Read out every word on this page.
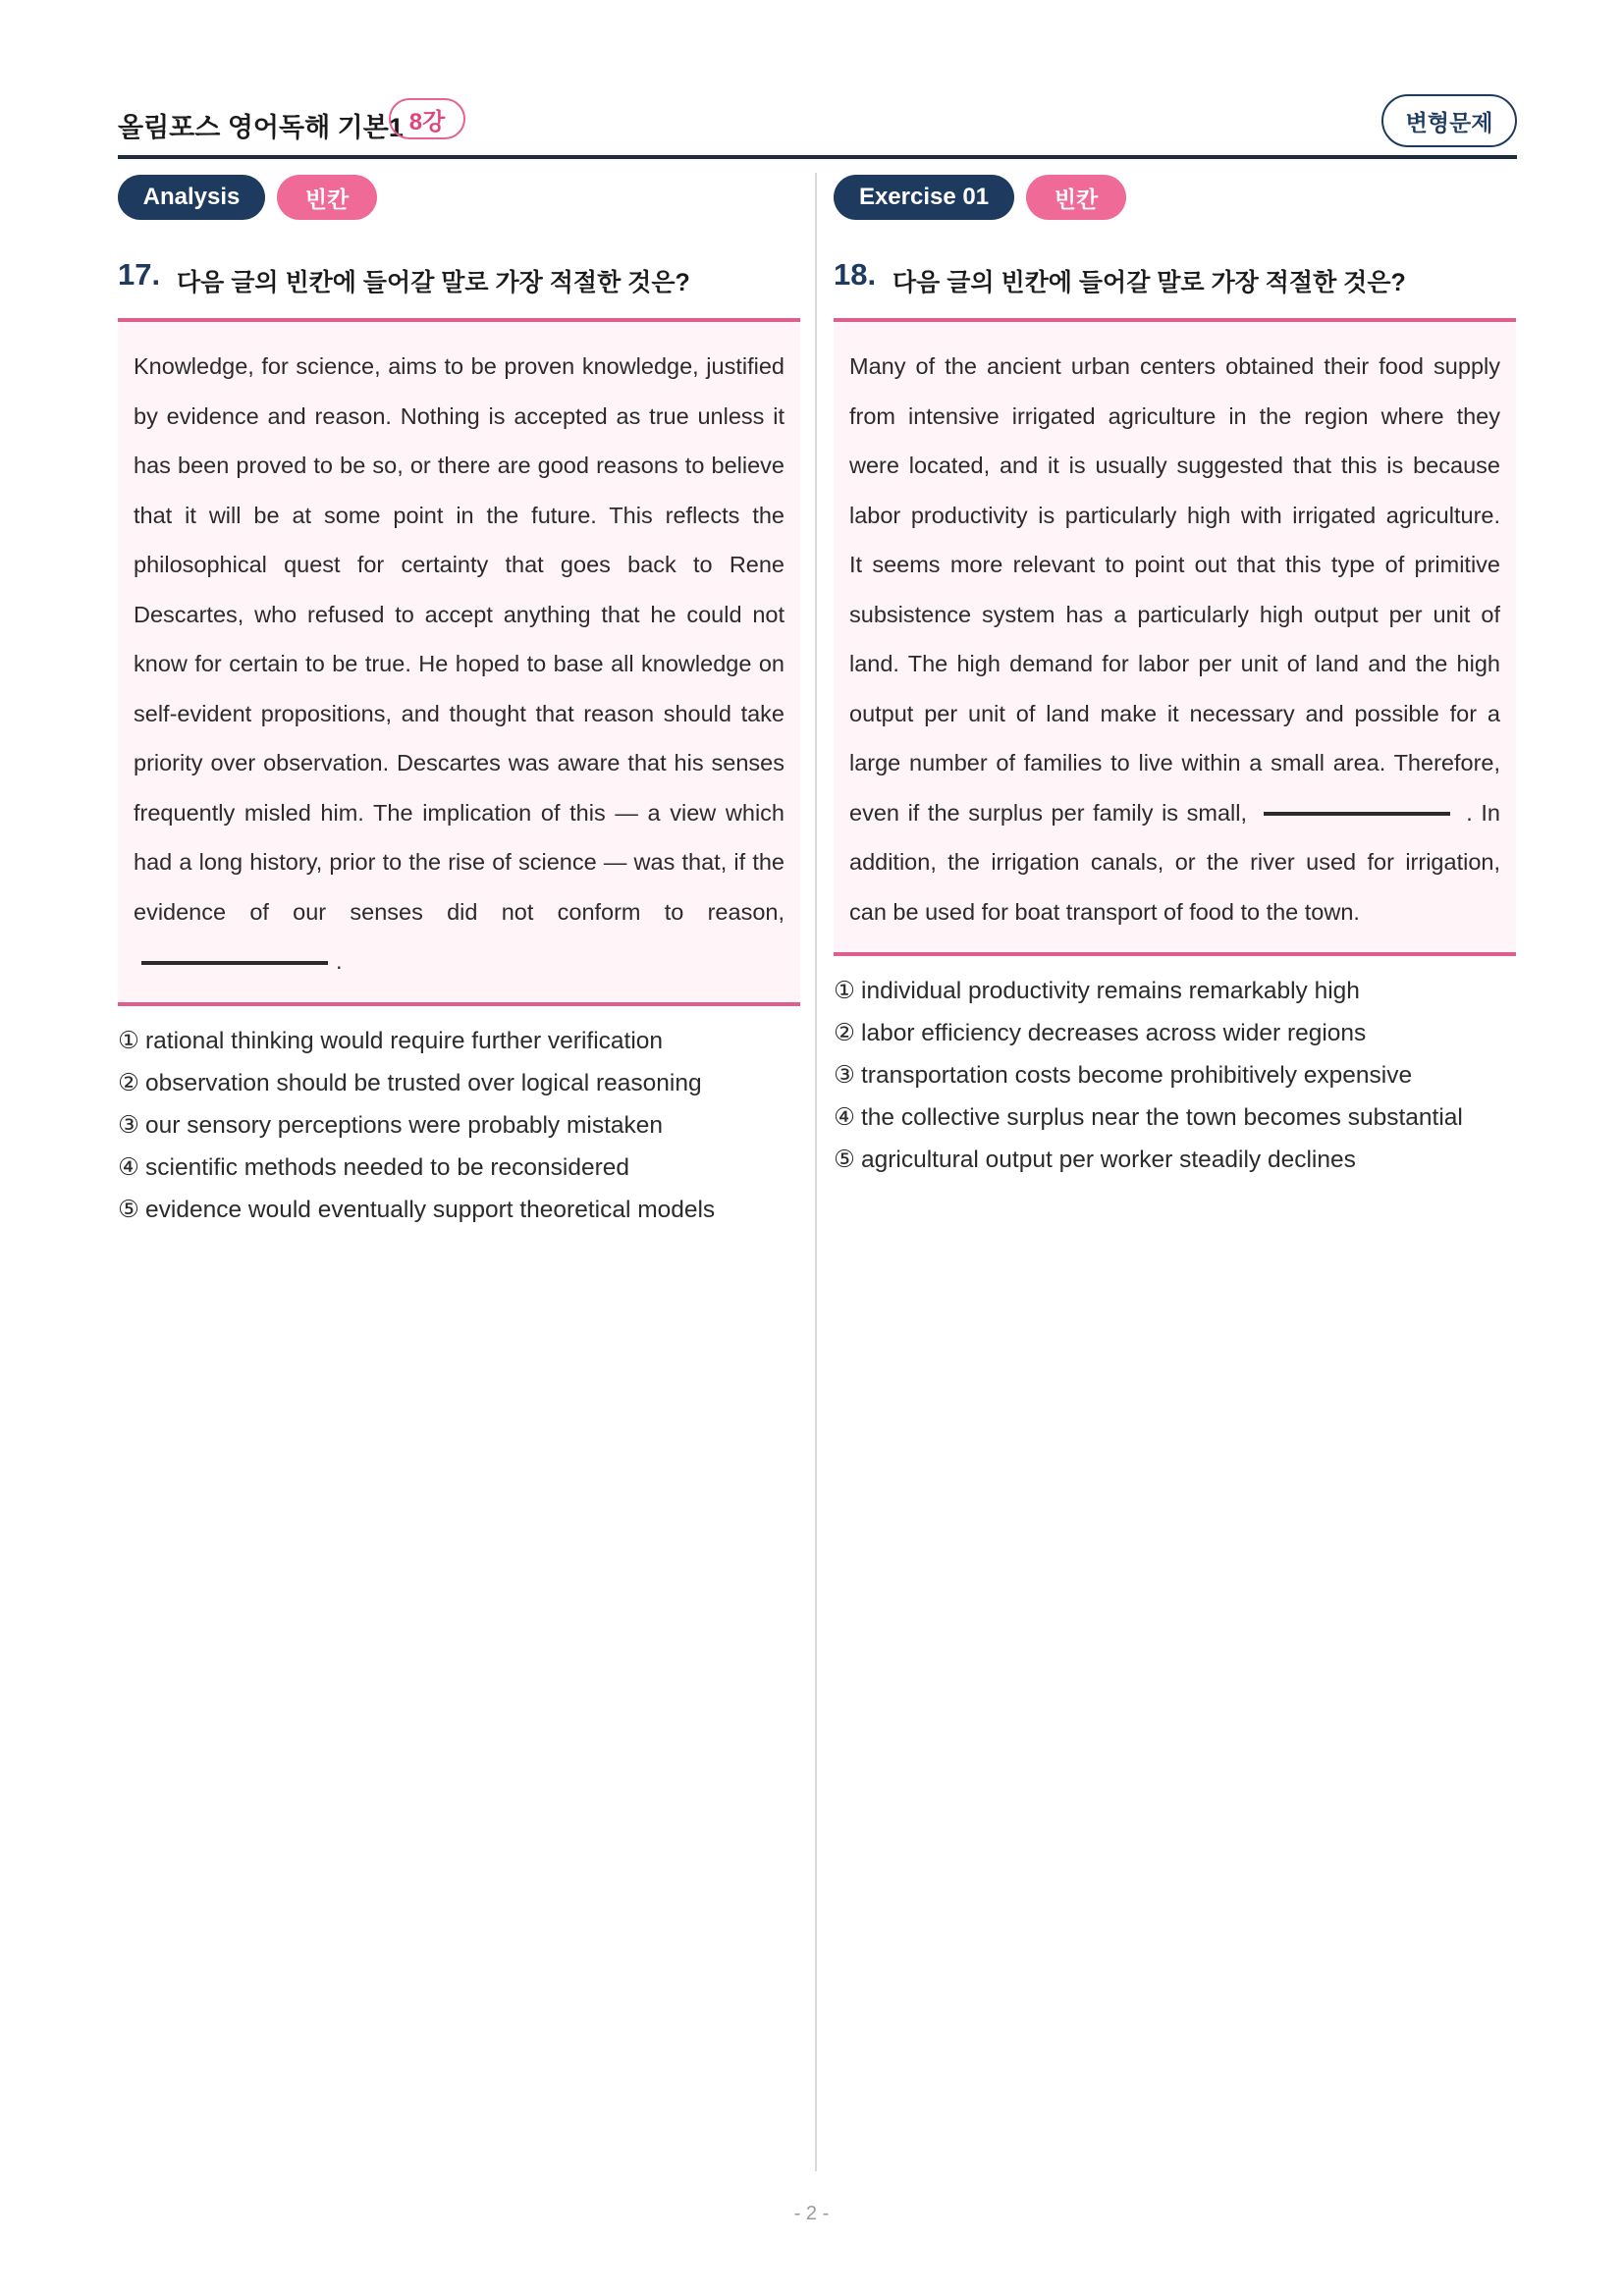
올림포스 영어독해 기본1 8강	변형문제
Analysis	빈칸
17. 다음 글의 빈칸에 들어갈 말로 가장 적절한 것은?
Knowledge, for science, aims to be proven knowledge, justified
by evidence and reason. Nothing is accepted as true unless it
has been proved to be so, or there are good reasons to believe
that it will be at some point in the future. This reflects the
philosophical quest for certainty that goes back to Rene
Descartes, who refused to accept anything that he could not
know for certain to be true. He hoped to base all knowledge on
self-evident propositions, and thought that reason should take
priority over observation. Descartes was aware that his senses
frequently misled him. The implication of this — a view which
had a long history, prior to the rise of science — was that, if the
evidence of our senses did not conform to reason,
.
① rational thinking would require further verification
② observation should be trusted over logical reasoning
③ our sensory perceptions were probably mistaken
④ scientific methods needed to be reconsidered
⑤ evidence would eventually support theoretical models
Exercise 01	빈칸
18. 다음 글의 빈칸에 들어갈 말로 가장 적절한 것은?
Many of the ancient urban centers obtained their food supply
from intensive irrigated agriculture in the region where they
were located, and it is usually suggested that this is because
labor productivity is particularly high with irrigated agriculture.
It seems more relevant to point out that this type of primitive
subsistence system has a particularly high output per unit of
land. The high demand for labor per unit of land and the high
output per unit of land make it necessary and possible for a
large number of families to live within a small area. Therefore,
even if the surplus per family is small,	. In
addition, the irrigation canals, or the river used for irrigation,
can be used for boat transport of food to the town.
① individual productivity remains remarkably high
② labor efficiency decreases across wider regions
③ transportation costs become prohibitively expensive
④ the collective surplus near the town becomes substantial
⑤ agricultural output per worker steadily declines
- 2 -
